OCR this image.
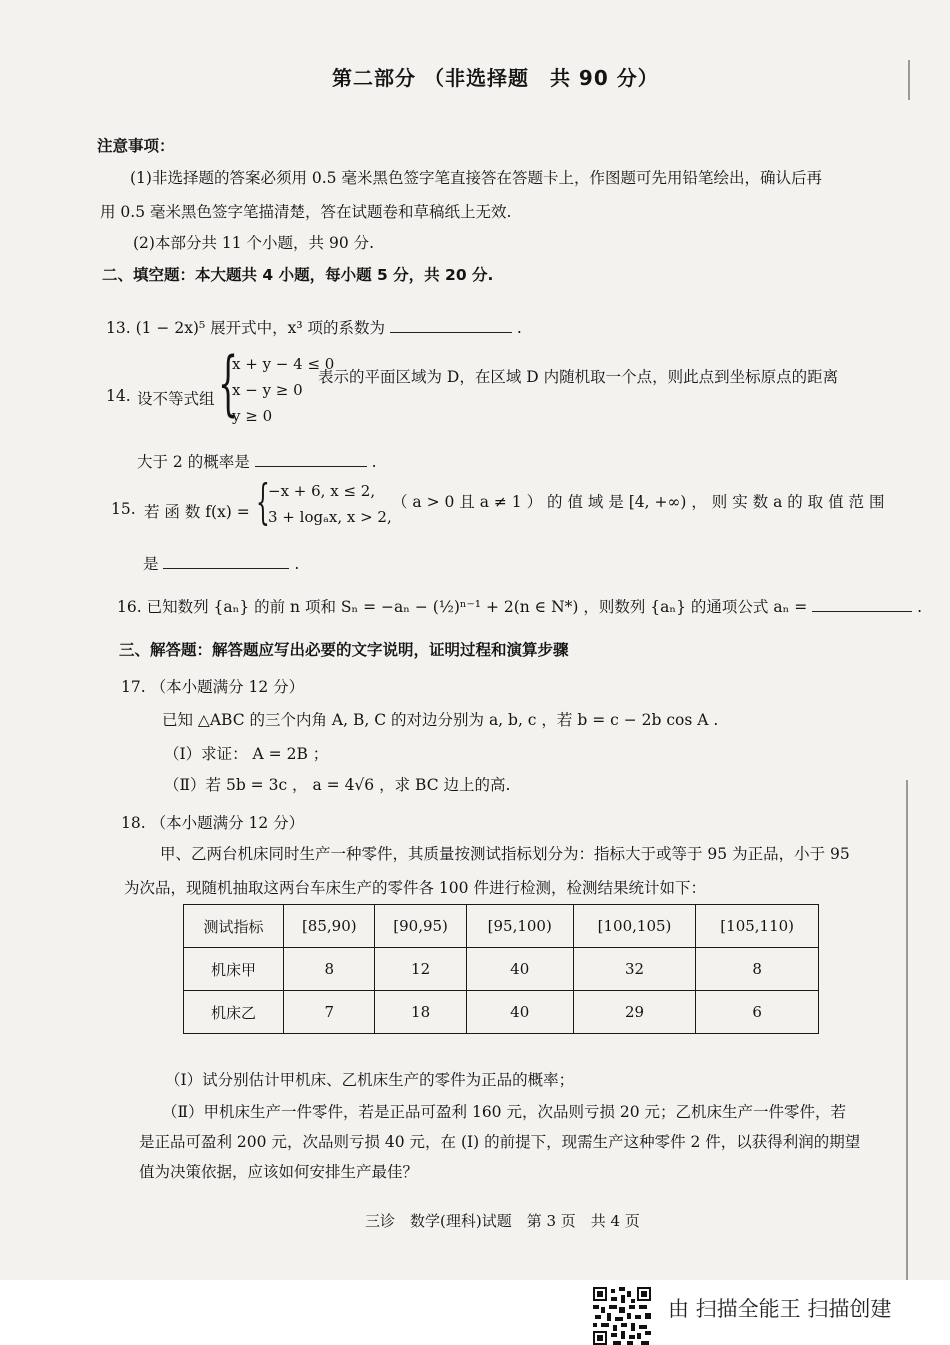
第二部分 （非选择题　共 90 分）
注意事项：
(1)非选择题的答案必须用 0.5 毫米黑色签字笔直接答在答题卡上，作图题可先用铅笔绘出，确认后再
用 0.5 毫米黑色签字笔描清楚，答在试题卷和草稿纸上无效.
(2)本部分共 11 个小题，共 90 分.
二、填空题：本大题共 4 小题，每小题 5 分，共 20 分.
13. (1 − 2x)⁵ 展开式中，x³ 项的系数为	.
14. 设不等式组 {
x + y − 4 ≤ 0
x − y ≥ 0
y ≥ 0
表示的平面区域为 D，在区域 D 内随机取一个点，则此点到坐标原点的距离
大于 2 的概率是	.
15. 若 函 数 f(x) = {
−x + 6, x ≤ 2,
3 + logₐx, x > 2,
（ a > 0 且 a ≠ 1 ） 的 值 域 是 [4, +∞) ， 则 实 数 a 的 取 值 范 围
是	.
16. 已知数列 {aₙ} 的前 n 项和 Sₙ = −aₙ − (½)ⁿ⁻¹ + 2(n ∈ N*) ，则数列 {aₙ} 的通项公式 aₙ =	.
三、解答题：解答题应写出必要的文字说明，证明过程和演算步骤
17. （本小题满分 12 分）
已知 △ABC 的三个内角 A, B, C 的对边分别为 a, b, c ，若 b = c − 2b cos A .
（Ⅰ）求证： A = 2B ；
（Ⅱ）若 5b = 3c ， a = 4√6 ，求 BC 边上的高.
18. （本小题满分 12 分）
甲、乙两台机床同时生产一种零件，其质量按测试指标划分为：指标大于或等于 95 为正品，小于 95
为次品，现随机抽取这两台车床生产的零件各 100 件进行检测，检测结果统计如下：
测试指标	[85,90)	[90,95)	[95,100)	[100,105)	[105,110)
机床甲	8	12	40	32	8
机床乙	7	18	40	29	6
（Ⅰ）试分别估计甲机床、乙机床生产的零件为正品的概率；
（Ⅱ）甲机床生产一件零件，若是正品可盈利 160 元，次品则亏损 20 元；乙机床生产一件零件，若
是正品可盈利 200 元，次品则亏损 40 元，在 (Ⅰ) 的前提下，现需生产这种零件 2 件，以获得利润的期望
值为决策依据，应该如何安排生产最佳？
三诊　数学(理科)试题　第 3 页　共 4 页
由 扫描全能王 扫描创建
